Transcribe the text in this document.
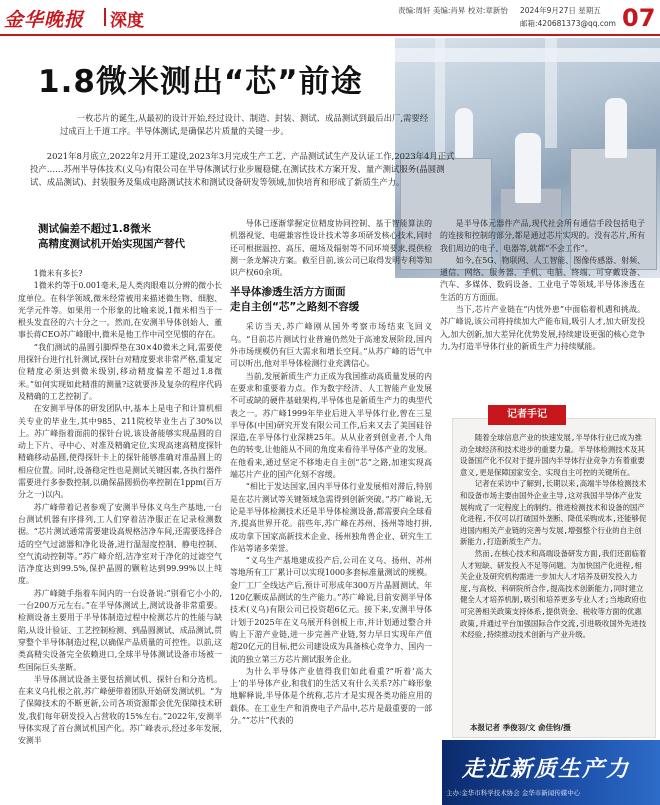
金华晚报 深度
责编:周轩 美编:肖昇 校对:章新怡 2024年9月27日 星期五
邮箱:420681373@qq.com 07
1.8微米测出“芯”前途

一枚芯片的诞生,从最初的设计开始,经过设计、制造、封装、测试、成品测试到最后出厂,需要经过成百上千道工序。半导体测试,是确保芯片质量的关键一步。

2021年8月底立,2022年2月开工建设,2023年3月完成生产工艺、产品测试试生产及认证工作,2023年4月正式投产……苏州半导体技术(义乌)有限公司在半导体测试行业步履稳健,在测试技术方案开发、量产测试服务(晶圆测试、成品测试)、封装服务及集成电路测试技术和测试设备研发等领域,加快培育和形成了新质生产力。

测试偏差不超过1.8微米
高精度测试机开始实现国产替代

1微米有多长?

1微米约等于0.001毫米,是人类肉眼难以分辨的微小长度单位。在科学领域,微米经常被用来描述微生物、细胞、光学元件等。如果用一个形象的比喻来说,1微米相当于一根头发直径的六十分之一。然而,在安测半导体创始人、董事长蒋CEO苏广峰眼中,微米是他工作中司空见惯的存在。

“我们测试的晶圆引脚焊垫在30×40微米之间,需要使用探针台进行扎针测试,探针台对精度要求非常严格,重复定位精度必须达到微米级别,移动精度偏差不超过1.8微米。”如何实现如此精准的测量?这就要涉及复杂的程序代码及精确的工艺控制了。

在安测半导体的研发团队中,基本上是电子和计算机相关专业的毕业生,其中985、211院校毕业生占了30%以上。苏广峰指着面前的探针台说,该设备能够实现晶圆的自动上下片、寻中心、对准及精确定位,实现高速高精度探针精确移动晶圆,使得探针卡上的探针能够准确对准晶圆上的相应位置。同时,设备稳定性也是测试关键因素,各执行器件需要进行多参数控制,以确保晶圆损伤率控制在1ppm(百万分之一)以内。

苏广峰带着记者参观了安测半导体义乌生产基地,一台台测试机器有序排列,工人们穿着洁净服正在记录检测数据。“芯片测试通常需要建设高规格洁净车间,还需要选择合适的空气过滤器和净化设备,进行温湿度控制、静电控制、空气流动控制等。”苏广峰介绍,洁净室对于净化的过滤空气洁净度达到99.5%,保护晶圆的颗粒达到99.99%以上纯度。

苏广峰随手指着车间内的一台设备说:“别看它小小的,一台200万元左右。”在半导体测试上,测试设备非常重要。检测设备主要用于半导体制造过程中检测芯片的性能与缺陷,从设计验证、工艺控制检测、到晶圆测试、成品测试,贯穿整个半导体制造过程,以确保产品质量的可控性。以前,这类高精尖设备完全依赖进口,全球半导体测试设备市场被一些国际巨头垄断。

半导体测试设备主要包括测试机、探针台和分选机。在来义乌扎根之前,苏广峰便带着团队开始研发测试机。“为了保障技术的不断更新,公司各项资源都会优先保障技术研发,我们每年研发投入占营收的15%左右。”2022年,安测半导体实现了首台测试机国产化。苏广峰表示,经过多年发展,安测半

导体已逐渐掌握定位精度协同控制、基于智能算法的机器视觉、电磁兼容性设计技术等多项研发核心技术,同时还可根据温控、高压、磁场及辐射等不同环境要求,提供检测一条龙解决方案。截至目前,该公司已取得发明专利等知识产权60余项。

半导体渗透生活方方面面
走自主创“芯”之路刻不容缓

采访当天,苏广峰刚从国外考察市场结束飞回义乌。“目前芯片测试行业普遍仍然处于高速发展阶段,国内外市场规模仍有巨大需求和增长空间。”从苏广峰的语气中可以听出,他对半导体检测行业充满信心。

当前,发展新质生产力正成为我国推动高质量发展的内在要求和重要着力点。作为数字经济、人工智能产业发展不可或缺的硬件基础架构,半导体也是新质生产力的典型代表之一。苏广峰1999年毕业后进入半导体行业,曾在三星半导体(中国)研究开发有限公司工作,后来又去了美国硅谷深造,在半导体行业深耕25年。从从业者到创业者,个人角色的转变,让他能从不同的角度来看待半导体产业的发展。在他看来,通过坚定不移地走自主创“芯”之路,加速实现高端芯片产业的国产化刻不容缓。

“相比于发达国家,国内半导体行业发展相对滞后,特别是在芯片测试等关键领域急需得到创新突破。”苏广峰说,无论是半导体检测技术还是半导体检测设备,都需要向全球看齐,提高世界开花。前些年,苏广峰在苏州、扬州等地打拼,成功拿下国家高新技术企业、扬州独角兽企业、研究生工作站等诸多荣誉。

“义乌生产基地建成投产后,公司在义乌、扬州、苏州等地所有工厂累计可以实现1000多套标准量测试的规模。金厂工厂全线达产后,预计可形成年300万片晶圆测试、年120亿颗成品测试的生产能力。”苏广峰说,目前安测半导体技术(义乌)有限公司已投资超6亿元。接下来,安测半导体计划于2025年在义乌展开科创板上市,并计划通过整合并购上下游产业链,进一步完善产业链,努力早日实现年产值超20亿元的目标,把公司建设成为具备核心竞争力、国内一流的独立第三方芯片测试服务企业。

为什么半导体产业值得我们如此看重?“听着‘高大上’的半导体产业,和我们的生活又有什么关系?苏广峰形象地解释说,半导体是个统称,芯片才是实现各类功能应用的载体。在工业生产和消费电子产品中,芯片是最重要的一部分。”“芯片”代表的

是半导体元器件产品,现代社会所有通信手段包括电子的连接和控制的部分,都是通过芯片实现的。没有芯片,所有我们周边的电子、电器等,就都“不会工作”。

如今,在5G、物联网、人工智能、图像传感器、射频、通信、网络、服务器、手机、电脑、终端、可穿戴设备、汽车、多媒体、数码设备、工业电子等领域,半导体渗透在生活的方方面面。

当下,芯片产业链在“内忧外患”中面临着机遇和挑战。苏广峰说,该公司将持续加大产能布局,吸引人才,加大研发投入,加大创新,加大差异化优势发展,持续建设更强的核心竞争力,为打造半导体行业的新质生产力持续赋能。

记者手记

随着全球信息产业的快速发展,半导体行业已成为推动全球经济和技术进步的重要力量。半导体检测技术及其设备国产化不仅对于提升国内半导体行业竞争力有着重要意义,更是保障国家安全、实现自主可控的关键所在。

记者在采访中了解到,长期以来,高端半导体检测技术和设备市场主要由国外企业主导,这对我国半导体产业发展构成了一定程度上的制约。推进检测技术和设备的国产化进程,不仅可以打破国外垄断、降低采购成本,还能够促进国内相关产业链的完善与发展,增强整个行业的自主创新能力,打造新质生产力。

然而,在核心技术和高端设备研发方面,我们还面临着人才短缺、研发投入不足等问题。为加快国产化进程,相关企业及研究机构需进一步加大人才培养及研发投入力度,与高校、科研院所合作,提高技术创新能力,同时建立健全人才培养机制,吸引和培养更多专业人才;当地政府也可完善相关政策支持体系,提供资金、税收等方面的优惠政策,并通过平台加强国际合作交流,引进吸收国外先进技术经验,持续推动技术创新与产业升级。

本报记者 季俊羽/文 俞佳钧/摄
走近新质生产力
主办:金华市科学技术协会 金华市新闻传媒中心
